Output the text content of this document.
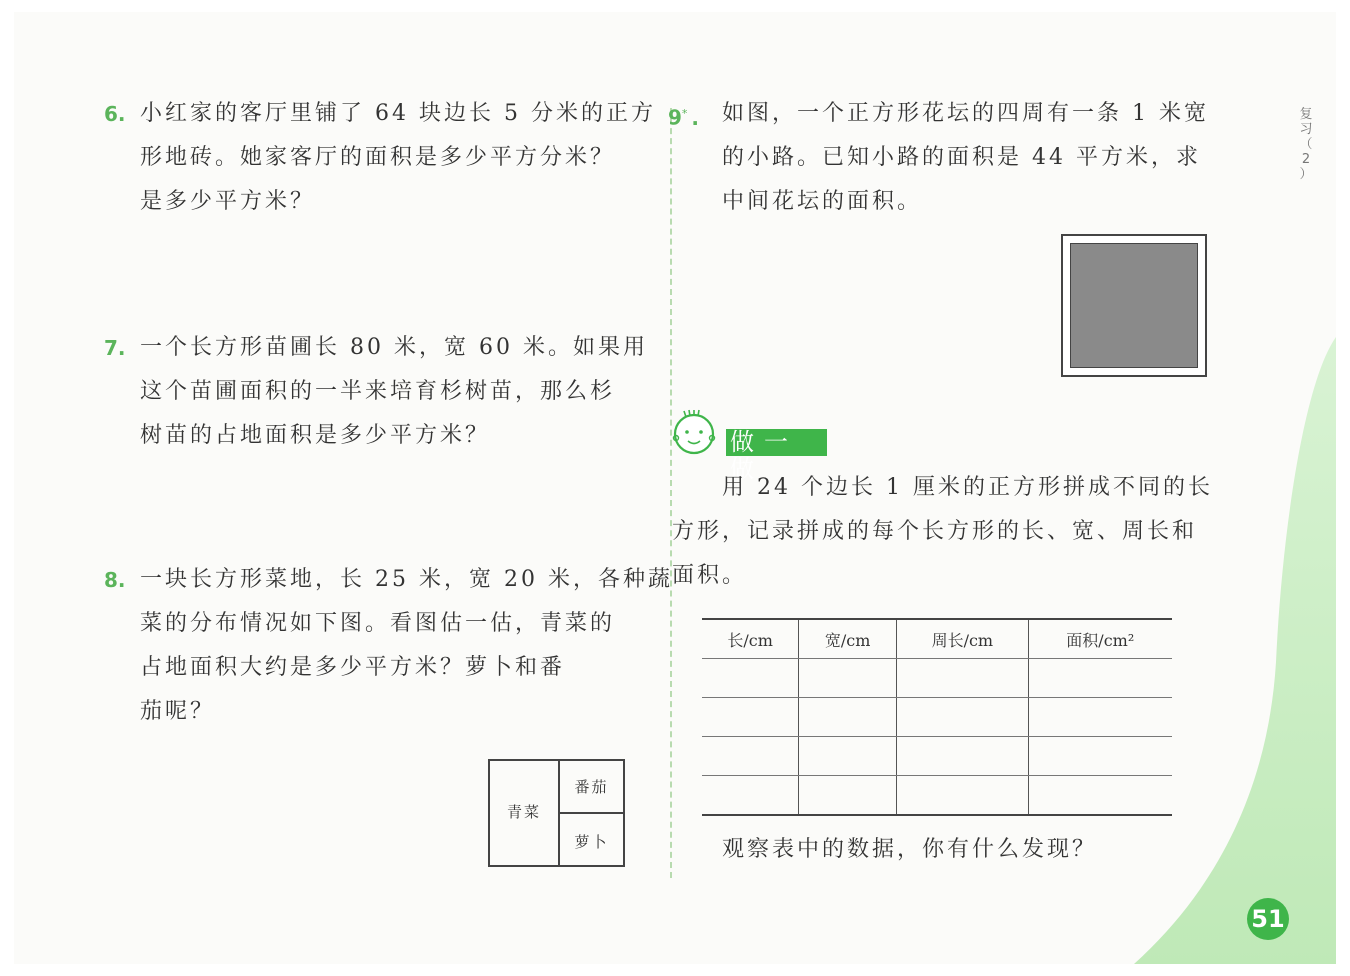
复
习
（
2
）
6. 小红家的客厅里铺了 64 块边长 5 分米的正方
形地砖。她家客厅的面积是多少平方分米？
是多少平方米？
7. 一个长方形苗圃长 80 米，宽 60 米。如果用
这个苗圃面积的一半来培育杉树苗，那么杉
树苗的占地面积是多少平方米？
8. 一块长方形菜地，长 25 米，宽 20 米，各种蔬
菜的分布情况如下图。看图估一估，青菜的
占地面积大约是多少平方米？萝卜和番
茄呢？
青菜
番茄
萝卜
9* . 如图，一个正方形花坛的四周有一条 1 米宽
的小路。已知小路的面积是 44 平方米，求
中间花坛的面积。
做一做
用 24 个边长 1 厘米的正方形拼成不同的长
方形，记录拼成的每个长方形的长、宽、周长和
面积。
长/cm	宽/cm	周长/cm	面积/cm²

观察表中的数据，你有什么发现？
51
